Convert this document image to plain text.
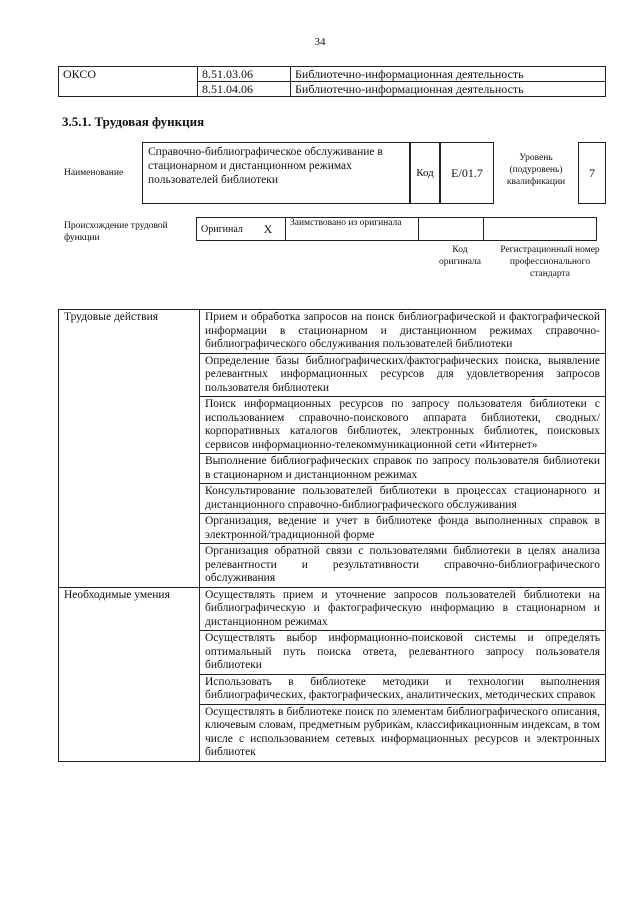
34
ОКСО	8.51.03.06	Библиотечно-информационная деятельность
	8.51.04.06	Библиотечно-информационная деятельность
3.5.1. Трудовая функция
Наименование
Справочно-библиографическое обслуживание в стационарном и дистанционном режимах пользователей библиотеки
Код	E/01.7
Уровень (подуровень) квалификации
7
Происхождение трудовой функции
Оригинал	X	Заимствовано из оригинала		
Код оригинала
Регистрационный номер профессионального стандарта
Трудовые действия	Прием и обработка запросов на поиск библиографической и фактографической информации в стационарном и дистанционном режимах справочно-библиографического обслуживания пользователей библиотеки
	Определение базы библиографических/фактографических поиска, выявление релевантных информационных ресурсов для удовлетворения запросов пользователя библиотеки
	Поиск информационных ресурсов по запросу пользователя библиотеки с использованием справочно-поискового аппарата библиотеки, сводных/корпоративных каталогов библиотек, электронных библиотек, поисковых сервисов информационно-телекоммуникационной сети «Интернет»
	Выполнение библиографических справок по запросу пользователя библиотеки в стационарном и дистанционном режимах
	Консультирование пользователей библиотеки в процессах стационарного и дистанционного справочно-библиографического обслуживания
	Организация, ведение и учет в библиотеке фонда выполненных справок в электронной/традиционной форме
	Организация обратной связи с пользователями библиотеки в целях анализа релевантности и результативности справочно-библиографического обслуживания
Необходимые умения	Осуществлять прием и уточнение запросов пользователей библиотеки на библиографическую и фактографическую информацию в стационарном и дистанционном режимах
	Осуществлять выбор информационно-поисковой системы и определять оптимальный путь поиска ответа, релевантного запросу пользователя библиотеки
	Использовать в библиотеке методики и технологии выполнения библиографических, фактографических, аналитических, методических справок
	Осуществлять в библиотеке поиск по элементам библиографического описания, ключевым словам, предметным рубрикам, классификационным индексам, в том числе с использованием сетевых информационных ресурсов и электронных библиотек
